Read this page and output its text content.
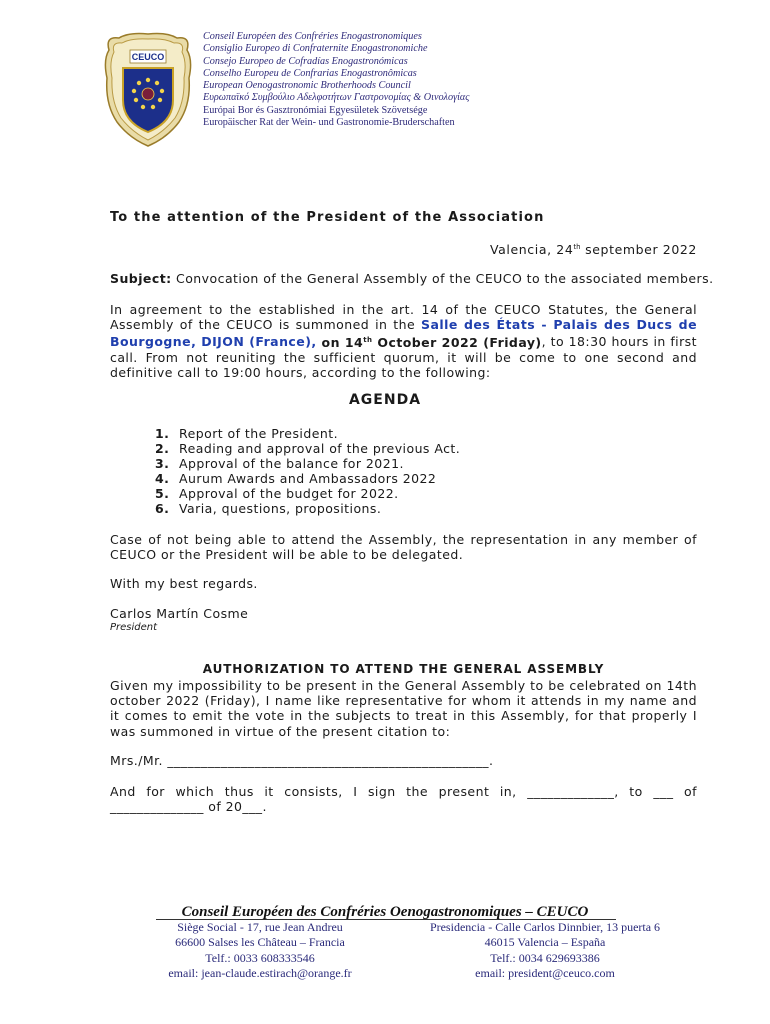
CEUCO
Conseil Européen des Confréries Enogastronomiques
Consiglio Europeo di Confraternite Enogastronomiche
Consejo Europeo de Cofradías Enogastronómicas
Conselho Europeu de Confrarias Enogastronômicas
European Oenogastronomic Brotherhoods Council
Ευρωπαϊκό Συμβούλιο Αδελφοτήτων Γαστρονομίας & Οινολογίας
Európai Bor és Gasztronómiai Egyesületek Szövetsége
Europäischer Rat der Wein- und Gastronomie-Bruderschaften
To the attention of the President of the Association
Valencia, 24th september 2022
Subject: Convocation of the General Assembly of the CEUCO to the associated members.
In agreement to the established in the art. 14 of the CEUCO Statutes, the General Assembly of the CEUCO is summoned in the Salle des États - Palais des Ducs de Bourgogne, DIJON (France), on 14th October 2022 (Friday), to 18:30 hours in first call. From not reuniting the sufficient quorum, it will be come to one second and definitive call to 19:00 hours, according to the following:
AGENDA
1. Report of the President.
2. Reading and approval of the previous Act.
3. Approval of the balance for 2021.
4. Aurum Awards and Ambassadors 2022
5. Approval of the budget for 2022.
6. Varia, questions, propositions.
Case of not being able to attend the Assembly, the representation in any member of CEUCO or the President will be able to be delegated.
With my best regards.
Carlos Martín Cosme
President
AUTHORIZATION TO ATTEND THE GENERAL ASSEMBLY
Given my impossibility to be present in the General Assembly to be celebrated on 14th october 2022 (Friday), I name like representative for whom it attends in my name and it comes to emit the vote in the subjects to treat in this Assembly, for that properly I was summoned in virtue of the present citation to:
Mrs./Mr. ________________________________________________.
And for which thus it consists, I sign the present in, _____________, to ___ of ______________ of 20___.
Conseil Européen des Confréries Oenogastronomiques – CEUCO
Siège Social - 17, rue Jean Andreu
66600 Salses les Château – Francia
Telf.: 0033 608333546
email: jean-claude.estirach@orange.fr
Presidencia - Calle Carlos Dinnbier, 13 puerta 6
46015 Valencia – España
Telf.: 0034 629693386
email: president@ceuco.com
